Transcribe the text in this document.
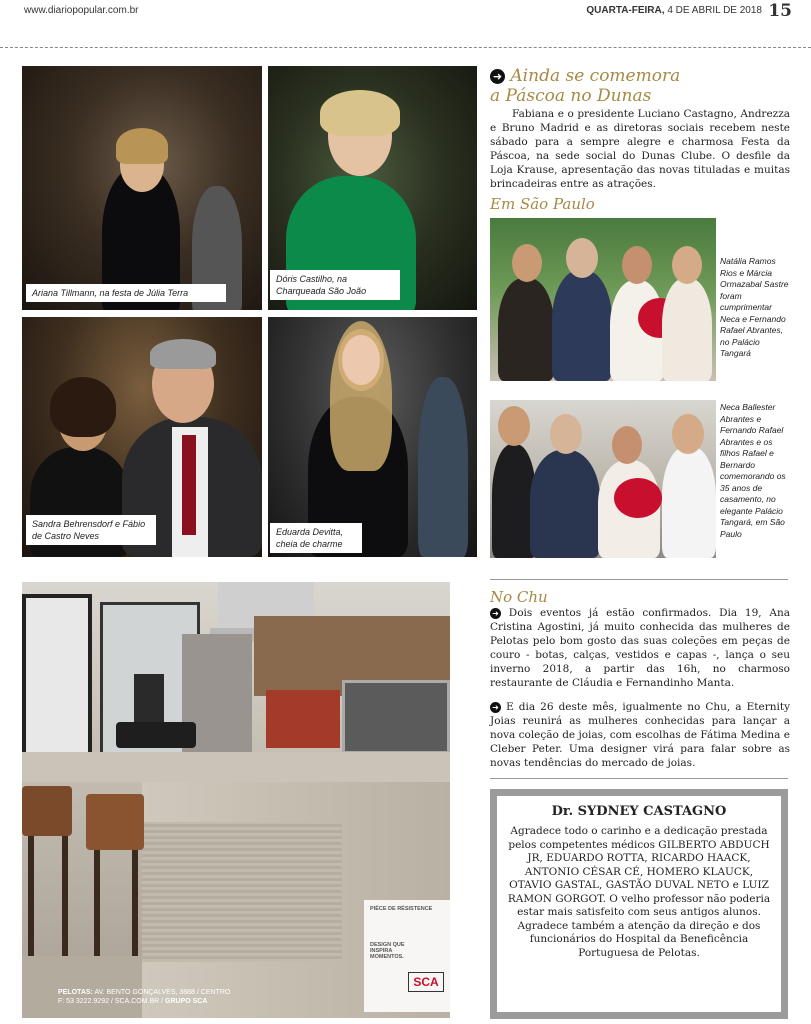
www.diariopopular.com.br	QUARTA-FEIRA, 4 DE ABRIL DE 2018 15
Ariana Tillmann, na festa de Júlia Terra
Dóris Castilho, na Charqueada São João
Sandra Behrensdorf e Fábio de Castro Neves	Eduarda Devitta, cheia de charme
➜ Ainda se comemora
a Páscoa no Dunas
Fabiana e o presidente Luciano Castagno, Andrezza e Bruno Madrid e as diretoras sociais recebem neste sábado para a sempre alegre e charmosa Festa da Páscoa, na sede social do Dunas Clube. O desfile da Loja Krause, apresentação das novas tituladas e muitas brincadeiras entre as atrações.
Em São Paulo
Natália Ramos Rios e Márcia Ormazabal Sastre foram cumprimentar Neca e Fernando Rafael Abrantes, no Palácio Tangará
Neca Ballester Abrantes e Fernando Rafael Abrantes e os filhos Rafael e Bernardo comemorando os 35 anos de casamento, no elegante Palácio Tangará, em São Paulo
No Chu
➜ Dois eventos já estão confirmados. Dia 19, Ana Cristina Agostini, já muito conhecida das mulheres de Pelotas pelo bom gosto das suas coleções em peças de couro - botas, calças, vestidos e capas -, lança o seu inverno 2018, a partir das 16h, no charmoso restaurante de Cláudia e Fernandinho Manta.
➜ E dia 26 deste mês, igualmente no Chu, a Eternity Joias reunirá as mulheres conhecidas para lançar a nova coleção de joias, com escolhas de Fátima Medina e Cleber Peter. Uma designer virá para falar sobre as novas tendências do mercado de joias.
PELOTAS: AV. BENTO GONÇALVES, 3888 / CENTRO
F: 53 3222.9292 / SCA.COM.BR / GRUPO SCA
PIÈCE DE RÉSISTENCE
DESIGN QUE INSPIRA MOMENTOS.
SCA
Dr. SYDNEY CASTAGNO
Agradece todo o carinho e a dedicação prestada pelos competentes médicos GILBERTO ABDUCH JR, EDUARDO ROTTA, RICARDO HAACK, ANTONIO CÉSAR CÉ, HOMERO KLAUCK, OTAVIO GASTAL, GASTÃO DUVAL NETO e LUIZ RAMON GORGOT. O velho professor não poderia estar mais satisfeito com seus antigos alunos. Agradece também a atenção da direção e dos funcionários do Hospital da Beneficência Portuguesa de Pelotas.
